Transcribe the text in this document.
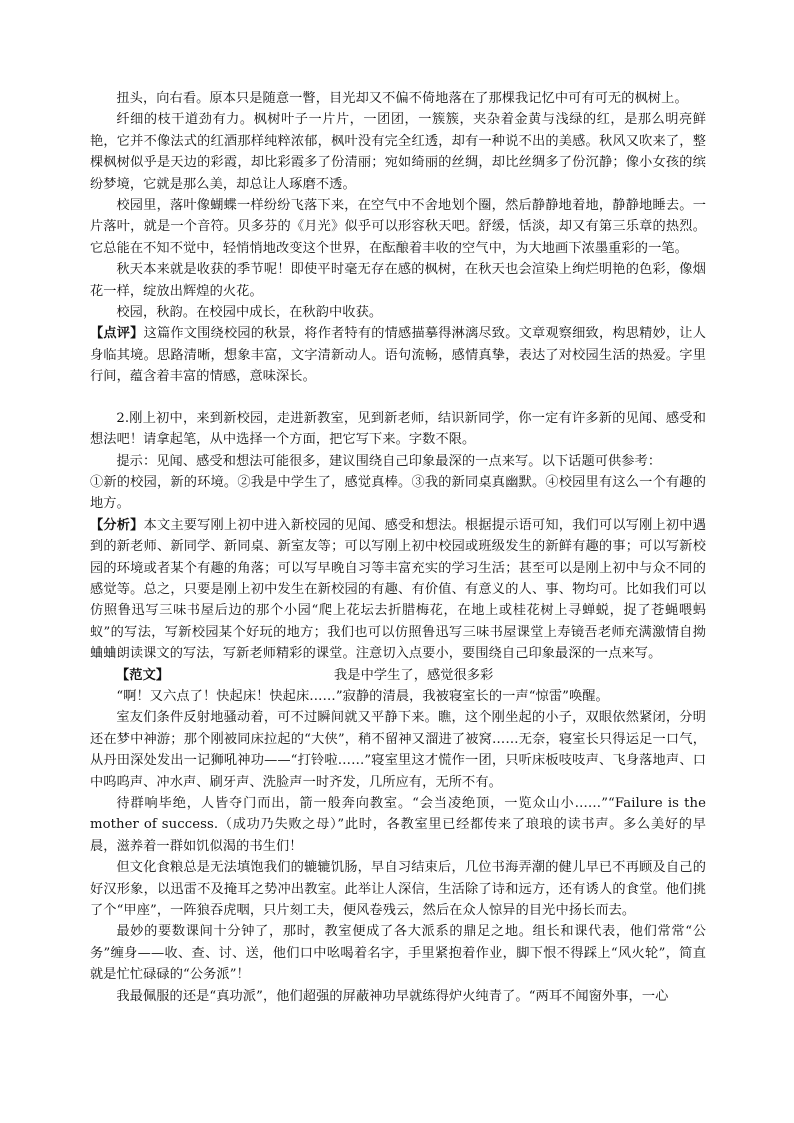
扭头，向右看。原本只是随意一瞥，目光却又不偏不倚地落在了那棵我记忆中可有可无的枫树上。

纤细的枝干道劲有力。枫树叶子一片片，一团团，一簇簇，夹杂着金黄与浅绿的红，是那么明亮鲜艳，它并不像法式的红酒那样纯粹浓郁，枫叶没有完全红透，却有一种说不出的美感。秋风又吹来了，整棵枫树似乎是天边的彩霞，却比彩霞多了份清丽；宛如绮丽的丝绸，却比丝绸多了份沉静；像小女孩的缤纷梦境，它就是那么美，却总让人琢磨不透。

校园里，落叶像蝴蝶一样纷纷飞落下来，在空气中不舍地划个圈，然后静静地着地，静静地睡去。一片落叶，就是一个音符。贝多芬的《月光》似乎可以形容秋天吧。舒缓，恬淡，却又有第三乐章的热烈。它总能在不知不觉中，轻悄悄地改变这个世界，在酝酿着丰收的空气中，为大地画下浓墨重彩的一笔。

秋天本来就是收获的季节呢！即使平时毫无存在感的枫树，在秋天也会渲染上绚烂明艳的色彩，像烟花一样，绽放出辉煌的火花。

校园，秋韵。在校园中成长，在秋韵中收获。

【点评】这篇作文围绕校园的秋景，将作者特有的情感描摹得淋漓尽致。文章观察细致，构思精妙，让人身临其境。思路清晰，想象丰富，文字清新动人。语句流畅，感情真挚，表达了对校园生活的热爱。字里行间，蕴含着丰富的情感，意味深长。

2.刚上初中，来到新校园，走进新教室，见到新老师，结识新同学，你一定有许多新的见闻、感受和想法吧！请拿起笔，从中选择一个方面，把它写下来。字数不限。

提示：见闻、感受和想法可能很多，建议围绕自己印象最深的一点来写。以下话题可供参考：

①新的校园，新的环境。②我是中学生了，感觉真棒。③我的新同桌真幽默。④校园里有这么一个有趣的地方。

【分析】本文主要写刚上初中进入新校园的见闻、感受和想法。根据提示语可知，我们可以写刚上初中遇到的新老师、新同学、新同桌、新室友等；可以写刚上初中校园或班级发生的新鲜有趣的事；可以写新校园的环境或者某个有趣的角落；可以写早晚自习等丰富充实的学习生活；甚至可以是刚上初中与众不同的感觉等。总之，只要是刚上初中发生在新校园的有趣、有价值、有意义的人、事、物均可。比如我们可以仿照鲁迅写三味书屋后边的那个小园“爬上花坛去折腊梅花，在地上或桂花树上寻蝉蜕，捉了苍蝇喂蚂蚁”的写法，写新校园某个好玩的地方；我们也可以仿照鲁迅写三味书屋课堂上寿镜吾老师充满激情自拗蛐蛐朗读课文的写法，写新老师精彩的课堂。注意切入点要小，要围绕自己印象最深的一点来写。

【范文】	我是中学生了，感觉很多彩

“啊！又六点了！快起床！快起床……”寂静的清晨，我被寝室长的一声“惊雷”唤醒。

室友们条件反射地骚动着，可不过瞬间就又平静下来。瞧，这个刚坐起的小子，双眼依然紧闭，分明还在梦中神游；那个刚被同床拉起的“大侠”，稍不留神又溜进了被窝……无奈，寝室长只得运足一口气，从丹田深处发出一记狮吼神功——“打铃啦……”寝室里这才慌作一团，只听床板吱吱声、飞身落地声、口中呜呜声、冲水声、刷牙声、洗脸声一时齐发，几所应有，无所不有。

待群响毕绝，人皆夺门而出，箭一般奔向教室。“会当凌绝顶，一览众山小……”“Failure is the mother of success.（成功乃失败之母）”此时，各教室里已经都传来了琅琅的读书声。多么美好的早晨，滋养着一群如饥似渴的书生们！

但文化食粮总是无法填饱我们的辘辘饥肠，早自习结束后，几位书海弄潮的健儿早已不再顾及自己的好汉形象，以迅雷不及掩耳之势冲出教室。此举让人深信，生活除了诗和远方，还有诱人的食堂。他们挑了个“甲座”，一阵狼吞虎咽，只片刻工夫，便风卷残云，然后在众人惊异的目光中扬长而去。

最妙的要数课间十分钟了，那时，教室便成了各大派系的鼎足之地。组长和课代表，他们常常“公务”缠身——收、查、讨、送，他们口中吆喝着名字，手里紧抱着作业，脚下恨不得踩上“风火轮”，简直就是忙忙碌碌的“公务派”！

我最佩服的还是“真功派”，他们超强的屏蔽神功早就练得炉火纯青了。“两耳不闻窗外事，一心
